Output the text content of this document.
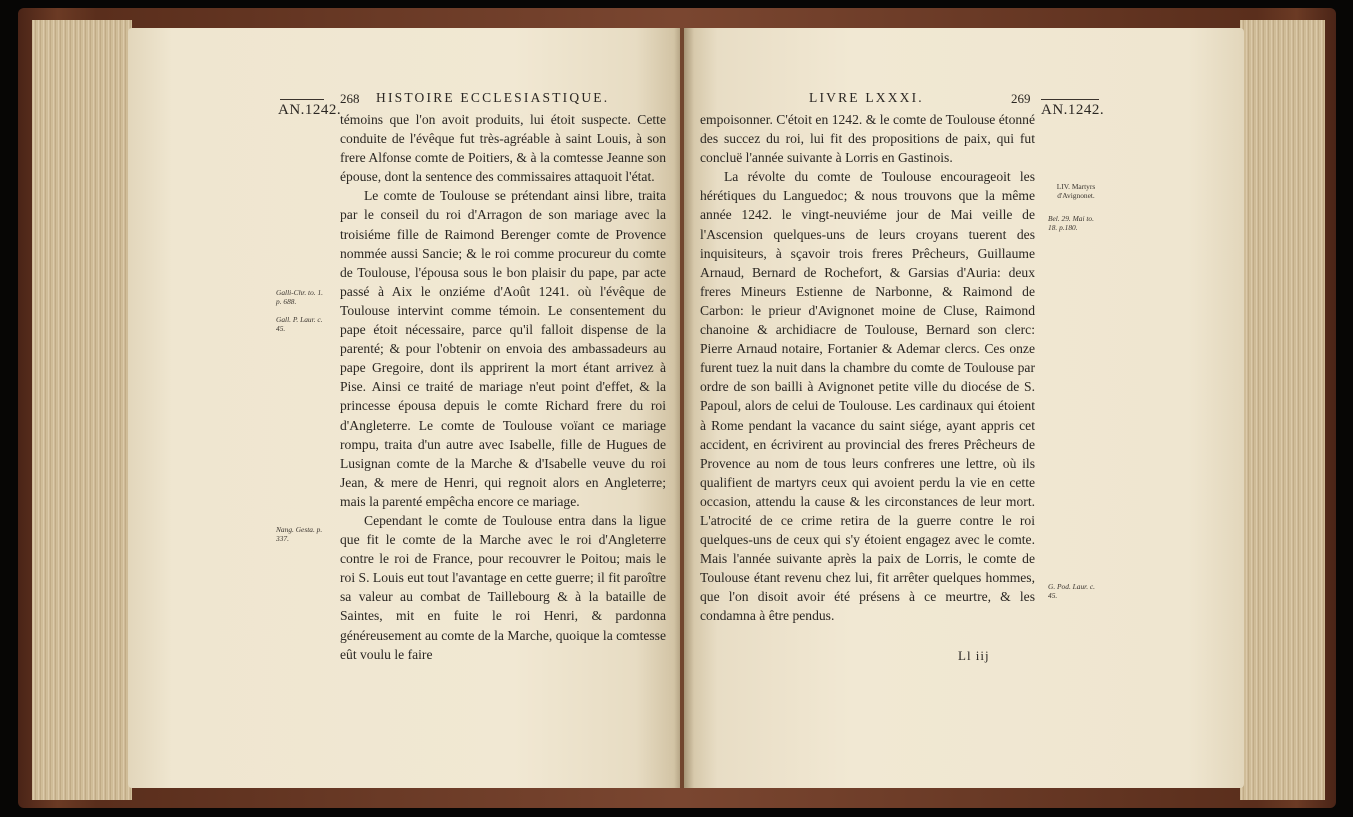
AN.1242.
268 HISTOIRE ECCLESIASTIQUE.
Galli-Chr. to. 1. p. 688.
Gall. P. Laur. c. 45.
Nang. Gesta. p. 337.

témoins que l'on avoit produits, lui étoit suspecte. Cette conduite de l'évêque fut très-agréable à saint Louis, à son frere Alfonse comte de Poitiers, & à la comtesse Jeanne son épouse, dont la sentence des commissaires attaquoit l'état.

Le comte de Toulouse se prétendant ainsi libre, traita par le conseil du roi d'Arragon de son mariage avec la troisiéme fille de Raimond Berenger comte de Provence nommée aussi Sancie; & le roi comme procureur du comte de Toulouse, l'épousa sous le bon plaisir du pape, par acte passé à Aix le onziéme d'Août 1241. où l'évêque de Toulouse intervint comme témoin. Le consentement du pape étoit nécessaire, parce qu'il falloit dispense de la parenté; & pour l'obtenir on envoia des ambassadeurs au pape Gregoire, dont ils apprirent la mort étant arrivez à Pise. Ainsi ce traité de mariage n'eut point d'effet, & la princesse épousa depuis le comte Richard frere du roi d'Angleterre. Le comte de Toulouse voïant ce mariage rompu, traita d'un autre avec Isabelle, fille de Hugues de Lusignan comte de la Marche & d'Isabelle veuve du roi Jean, & mere de Henri, qui regnoit alors en Angleterre; mais la parenté empêcha encore ce mariage.

Cependant le comte de Toulouse entra dans la ligue que fit le comte de la Marche avec le roi d'Angleterre contre le roi de France, pour recouvrer le Poitou; mais le roi S. Louis eut tout l'avantage en cette guerre; il fit paroître sa valeur au combat de Taillebourg & à la bataille de Saintes, mit en fuite le roi Henri, & pardonna généreusement au comte de la Marche, quoique la comtesse eût voulu le faire

LIVRE LXXXI.	269
AN.1242.

empoisonner. C'étoit en 1242. & le comte de Toulouse étonné des succez du roi, lui fit des propositions de paix, qui fut concluë l'année suivante à Lorris en Gastinois.

La révolte du comte de Toulouse encourageoit les hérétiques du Languedoc; & nous trouvons que la même année 1242. le vingt-neuviéme jour de Mai veille de l'Ascension quelques-uns de leurs croyans tuerent des inquisiteurs, à sçavoir trois freres Prêcheurs, Guillaume Arnaud, Bernard de Rochefort, & Garsias d'Auria: deux freres Mineurs Estienne de Narbonne, & Raimond de Carbon: le prieur d'Avignonet moine de Cluse, Raimond chanoine & archidiacre de Toulouse, Bernard son clerc: Pierre Arnaud notaire, Fortanier & Ademar clercs. Ces onze furent tuez la nuit dans la chambre du comte de Toulouse par ordre de son bailli à Avignonet petite ville du diocése de S. Papoul, alors de celui de Toulouse. Les cardinaux qui étoient à Rome pendant la vacance du saint siége, ayant appris cet accident, en écrivirent au provincial des freres Prêcheurs de Provence au nom de tous leurs confreres une lettre, où ils qualifient de martyrs ceux qui avoient perdu la vie en cette occasion, attendu la cause & les circonstances de leur mort. L'atrocité de ce crime retira de la guerre contre le roi quelques-uns de ceux qui s'y étoient engagez avec le comte. Mais l'année suivante après la paix de Lorris, le comte de Toulouse étant revenu chez lui, fit arrêter quelques hommes, que l'on disoit avoir été présens à ce meurtre, & les condamna à être pendus.

LIV. Martyrs d'Avignonet.
Bel. 29. Mai to. 18. p.180.
G. Pod. Laur. c. 45.
Ll iij
